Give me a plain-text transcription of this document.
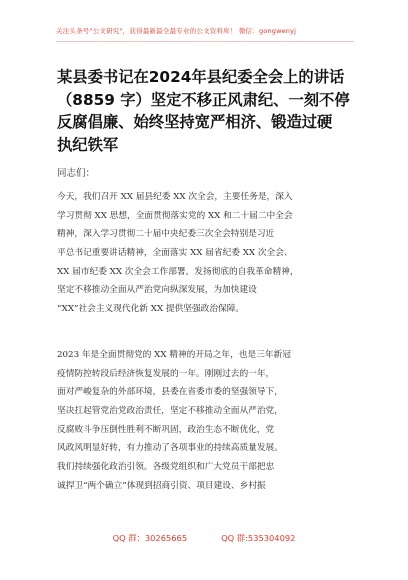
关注头条号"公文研究"，获得最新最全最专业的公文资料库！ 微信：gongwenyj
某县委书记在2024年县纪委全会上的讲话
（8859 字）坚定不移正风肃纪、一刻不停
反腐倡廉、始终坚持宽严相济、锻造过硬
执纪铁军
同志们：
今天，我们召开 XX 届县纪委 XX 次全会，主要任务是，深入
学习贯彻 XX 思想，全面贯彻落实党的 XX 和二十届二中全会
精神，深入学习贯彻二十届中央纪委三次全会特别是习近
平总书记重要讲话精神，全面落实 XX 届省纪委 XX 次全会、
XX 届市纪委 XX 次全会工作部署，发扬彻底的自我革命精神，
坚定不移推动全面从严治党向纵深发展，为加快建设
“XX”社会主义现代化新 XX 提供坚强政治保障。
2023 年是全面贯彻党的 XX 精神的开局之年，也是三年新冠
疫情防控转段后经济恢复发展的一年。刚刚过去的一年，
面对严峻复杂的外部环境，县委在省委市委的坚强领导下，
坚决扛起管党治党政治责任，坚定不移推动全面从严治党，
反腐败斗争压倒性胜利不断巩固，政治生态不断优化，党
风政风明显好转，有力推动了各项事业的持续高质量发展。
我们持续强化政治引领。各级党组织和广大党员干部把忠
诚捍卫“两个确立”体现到招商引资、项目建设、乡村振
QQ 群：30265665	QQ 群:535304092
